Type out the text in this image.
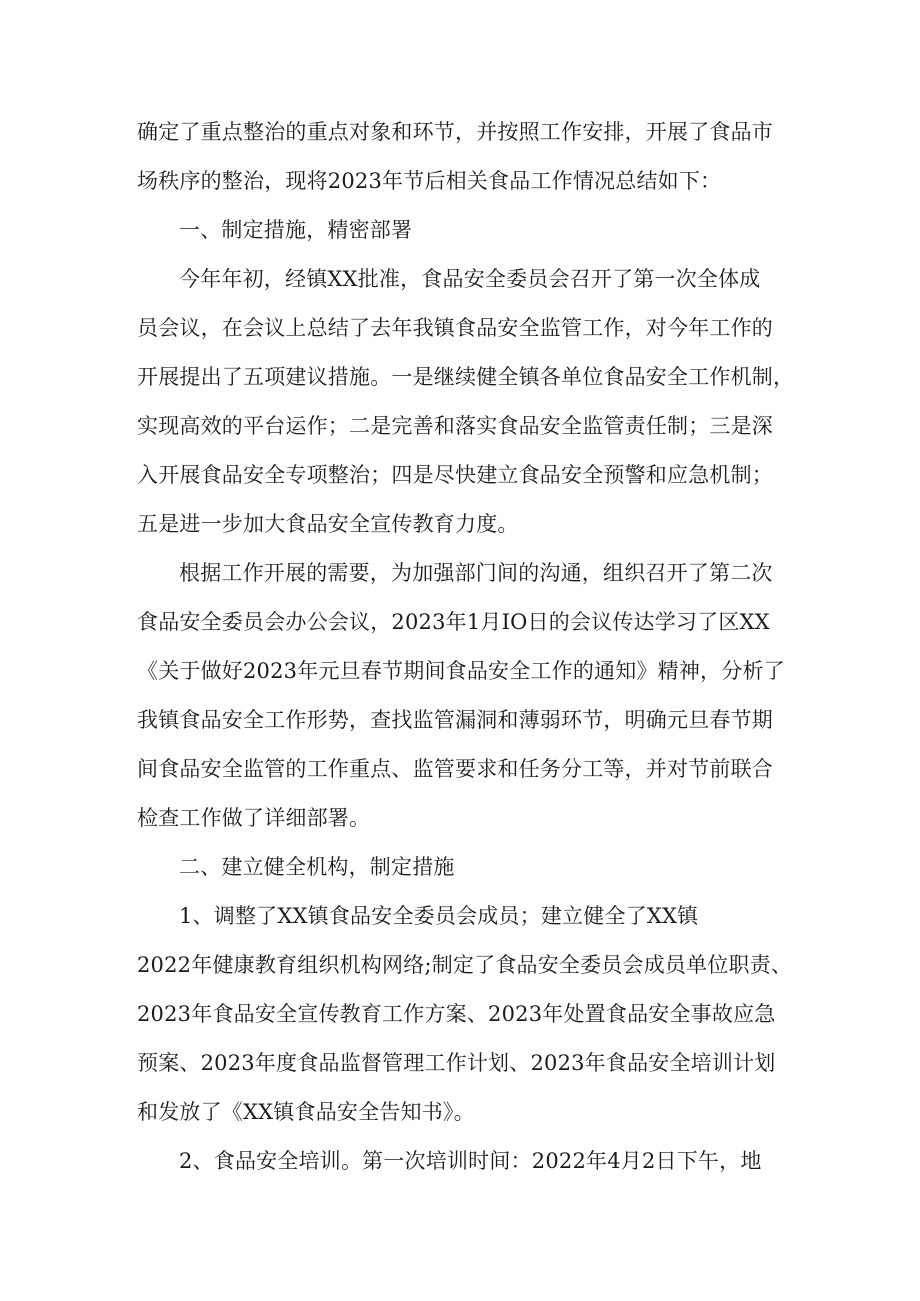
确定了重点整治的重点对象和环节，并按照工作安排，开展了食品市
场秩序的整治，现将2023年节后相关食品工作情况总结如下：
一、制定措施，精密部署
今年年初，经镇XX批准，食品安全委员会召开了第一次全体成
员会议，在会议上总结了去年我镇食品安全监管工作，对今年工作的
开展提出了五项建议措施。一是继续健全镇各单位食品安全工作机制，
实现高效的平台运作；二是完善和落实食品安全监管责任制；三是深
入开展食品安全专项整治；四是尽快建立食品安全预警和应急机制；
五是进一步加大食品安全宣传教育力度。
根据工作开展的需要，为加强部门间的沟通，组织召开了第二次
食品安全委员会办公会议，2023年1月IO日的会议传达学习了区XX
《关于做好2023年元旦春节期间食品安全工作的通知》精神，分析了
我镇食品安全工作形势，查找监管漏洞和薄弱环节，明确元旦春节期
间食品安全监管的工作重点、监管要求和任务分工等，并对节前联合
检查工作做了详细部署。
二、建立健全机构，制定措施
1、调整了XX镇食品安全委员会成员；建立健全了XX镇
2022年健康教育组织机构网络;制定了食品安全委员会成员单位职责、
2023年食品安全宣传教育工作方案、2023年处置食品安全事故应急
预案、2023年度食品监督管理工作计划、2023年食品安全培训计划
和发放了《XX镇食品安全告知书》。
2、食品安全培训。第一次培训时间：2022年4月2日下午，地
